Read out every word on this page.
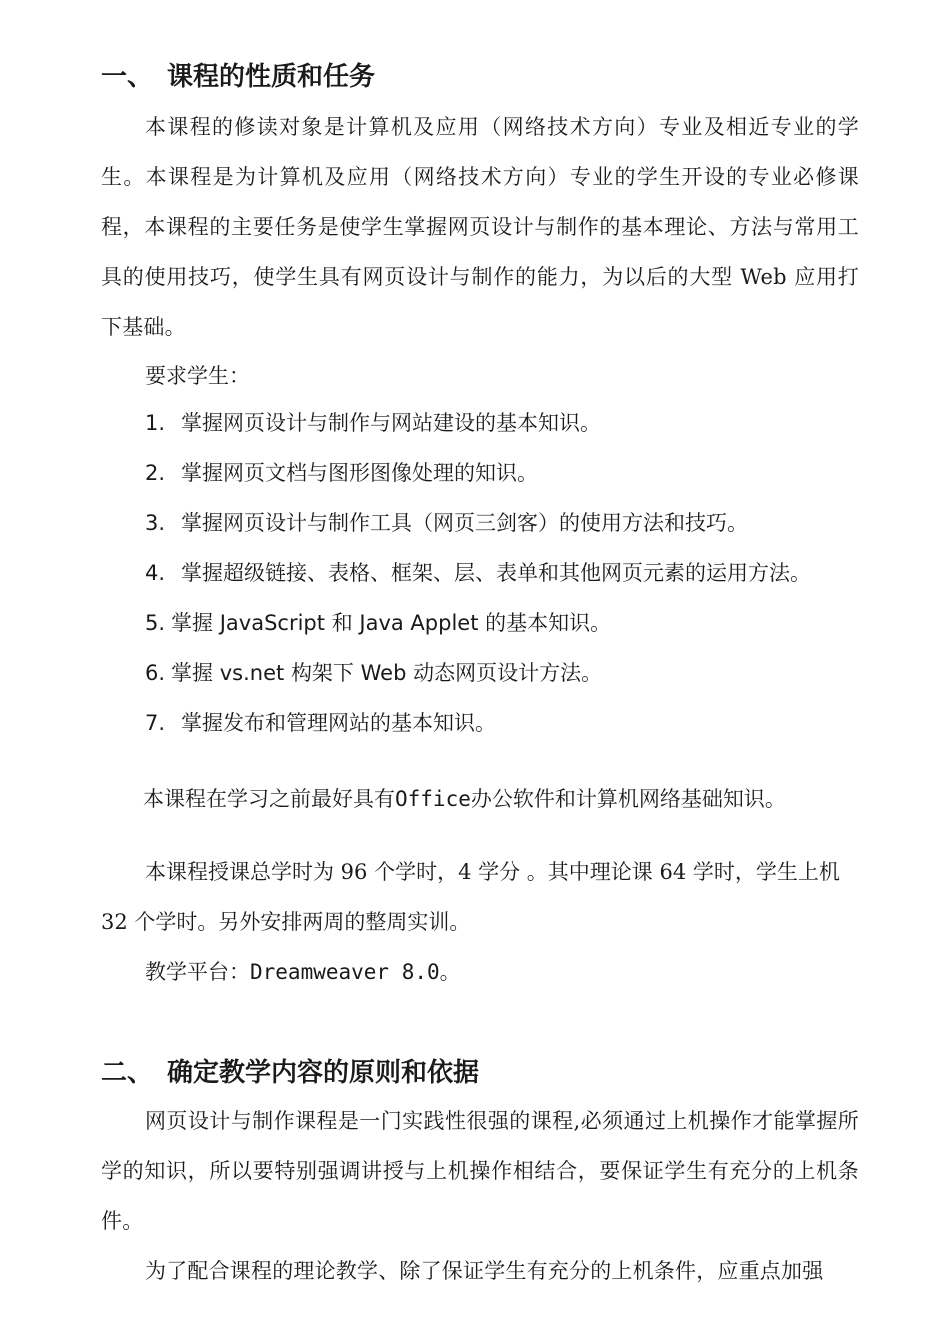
一、 课程的性质和任务
本课程的修读对象是计算机及应用（网络技术方向）专业及相近专业的学生。本课程是为计算机及应用（网络技术方向）专业的学生开设的专业必修课程，本课程的主要任务是使学生掌握网页设计与制作的基本理论、方法与常用工具的使用技巧，使学生具有网页设计与制作的能力，为以后的大型 Web 应用打下基础。
要求学生：
1. 掌握网页设计与制作与网站建设的基本知识。
2. 掌握网页文档与图形图像处理的知识。
3. 掌握网页设计与制作工具（网页三剑客）的使用方法和技巧。
4. 掌握超级链接、表格、框架、层、表单和其他网页元素的运用方法。
5. 掌握 JavaScript 和 Java Applet 的基本知识。
6. 掌握 vs.net 构架下 Web 动态网页设计方法。
7. 掌握发布和管理网站的基本知识。
本课程在学习之前最好具有Office办公软件和计算机网络基础知识。
本课程授课总学时为 96 个学时，4 学分 。其中理论课 64 学时，学生上机
32 个学时。另外安排两周的整周实训。
教学平台：Dreamweaver 8.0。
二、 确定教学内容的原则和依据
网页设计与制作课程是一门实践性很强的课程,必须通过上机操作才能掌握所学的知识，所以要特别强调讲授与上机操作相结合，要保证学生有充分的上机条件。
为了配合课程的理论教学、除了保证学生有充分的上机条件，应重点加强
